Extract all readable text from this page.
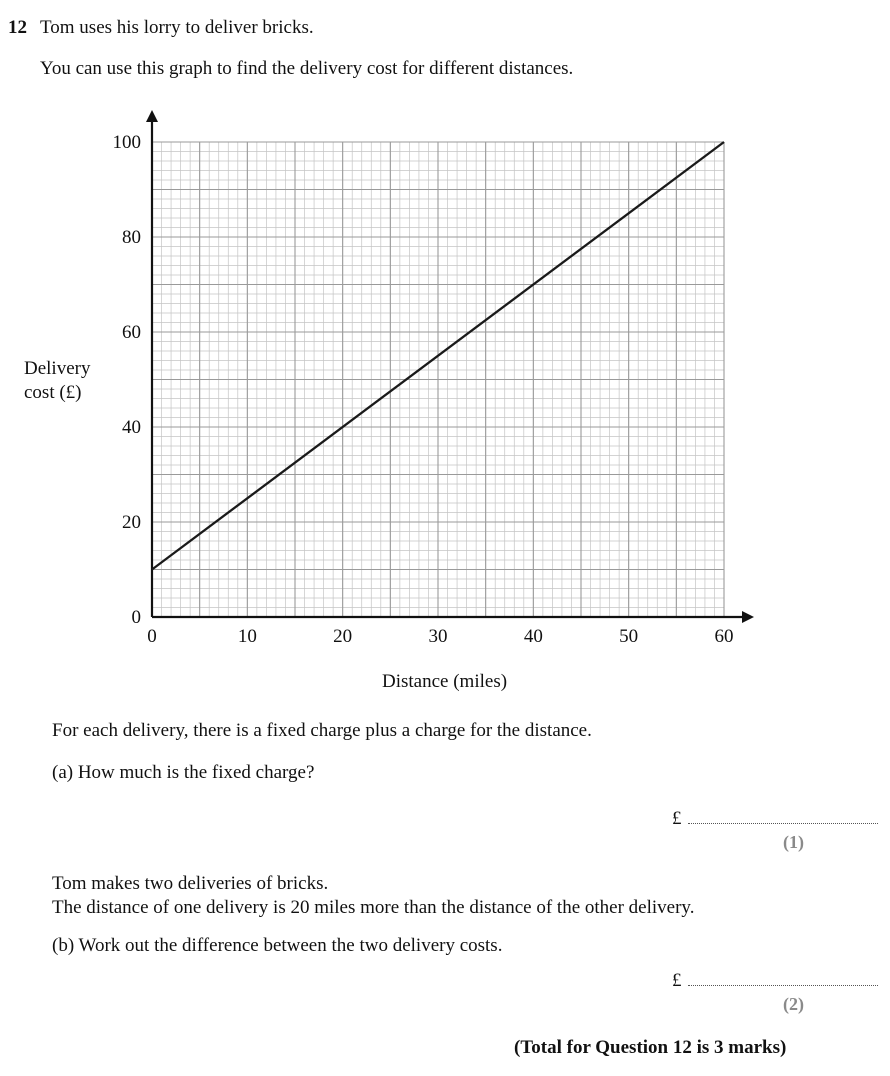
12 Tom uses his lorry to deliver bricks.
You can use this graph to find the delivery cost for different distances.
Delivery
cost (£)
0	10	20	30	40	50	60
0
20
40
60
80
100
Distance (miles)
For each delivery, there is a fixed charge plus a charge for the distance.
(a) How much is the fixed charge?
£
(1)
Tom makes two deliveries of bricks.
The distance of one delivery is 20 miles more than the distance of the other delivery.
(b) Work out the difference between the two delivery costs.
£
(2)
(Total for Question 12 is 3 marks)
